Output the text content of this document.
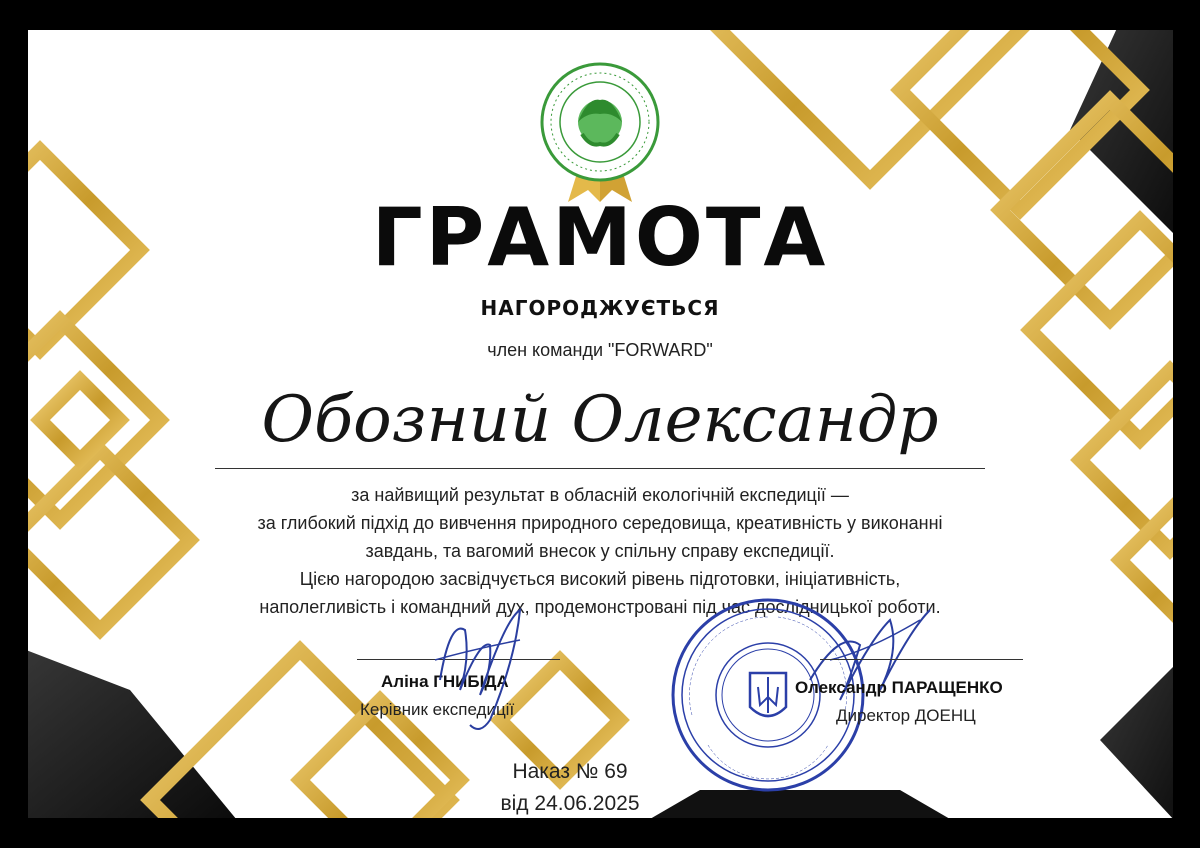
ГРАМОТА
НАГОРОДЖУЄТЬСЯ
член команди "FORWARD"
Обозний Олександр
за найвищий результат в обласній екологічній експедиції —
за глибокий підхід до вивчення природного середовища, креативність у виконанні
завдань, та вагомий внесок у спільну справу експедиції.
Цією нагородою засвідчується високий рівень підготовки, ініціативність,
наполегливість і командний дух, продемонстровані під час дослідницької роботи.
Аліна ГНИБІДА
Керівник експедиції
Олександр ПАРАЩЕНКО
Директор ДОЕНЦ
Наказ № 69
від 24.06.2025
